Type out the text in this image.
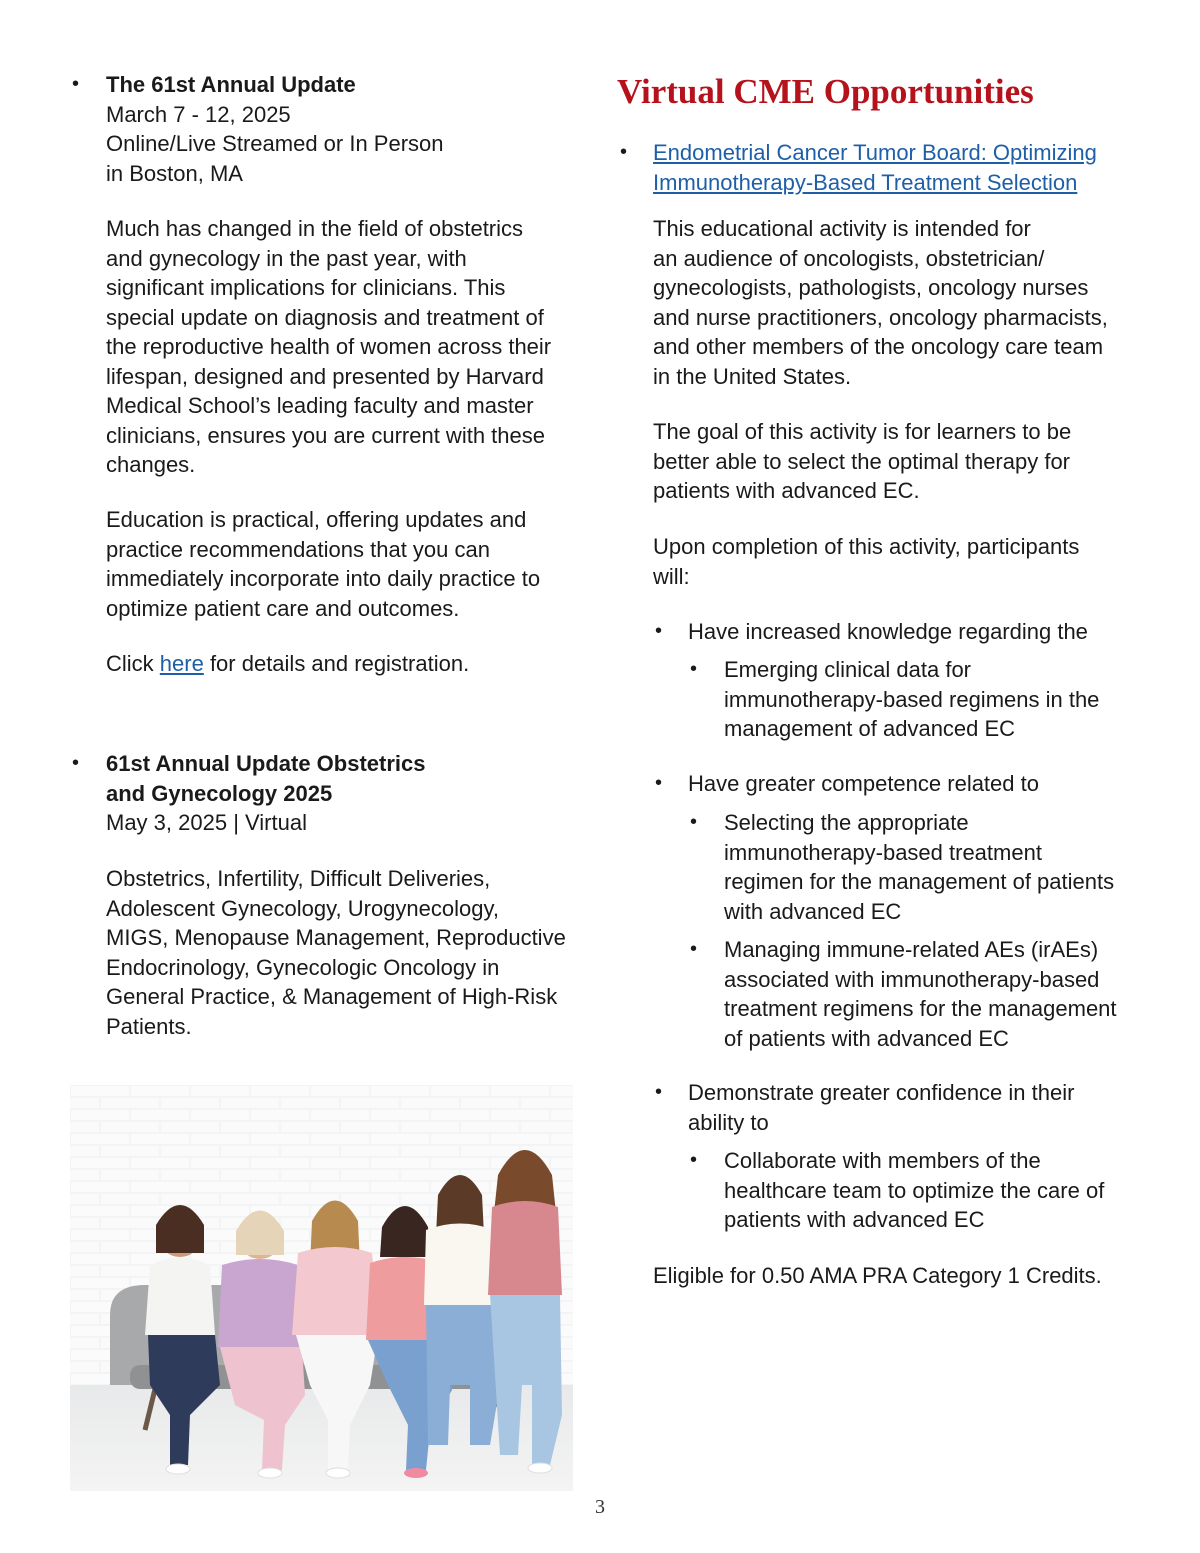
• The 61st Annual Update
March 7 - 12, 2025
Online/Live Streamed or In Person
in Boston, MA
Much has changed in the field of obstetrics
and gynecology in the past year, with
significant implications for clinicians. This
special update on diagnosis and treatment of
the reproductive health of women across their
lifespan, designed and presented by Harvard
Medical School’s leading faculty and master
clinicians, ensures you are current with these
changes.
Education is practical, offering updates and
practice recommendations that you can
immediately incorporate into daily practice to
optimize patient care and outcomes.
Click here for details and registration.
• 61st Annual Update Obstetrics
and Gynecology 2025
May 3, 2025 | Virtual
Obstetrics, Infertility, Difficult Deliveries,
Adolescent Gynecology, Urogynecology,
MIGS, Menopause Management, Reproductive
Endocrinology, Gynecologic Oncology in
General Practice, & Management of High-Risk
Patients.
Virtual CME Opportunities
• Endometrial Cancer Tumor Board: Optimizing
Immunotherapy-Based Treatment Selection
This educational activity is intended for
an audience of oncologists, obstetrician/
gynecologists, pathologists, oncology nurses
and nurse practitioners, oncology pharmacists,
and other members of the oncology care team
in the United States.
The goal of this activity is for learners to be
better able to select the optimal therapy for
patients with advanced EC.
Upon completion of this activity, participants
will:
• Have increased knowledge regarding the
• Emerging clinical data for
immunotherapy-based regimens in the
management of advanced EC
• Have greater competence related to
• Selecting the appropriate
immunotherapy-based treatment
regimen for the management of patients
with advanced EC
• Managing immune-related AEs (irAEs)
associated with immunotherapy-based
treatment regimens for the management
of patients with advanced EC
• Demonstrate greater confidence in their
ability to
• Collaborate with members of the
healthcare team to optimize the care of
patients with advanced EC
Eligible for 0.50 AMA PRA Category 1 Credits.
3
